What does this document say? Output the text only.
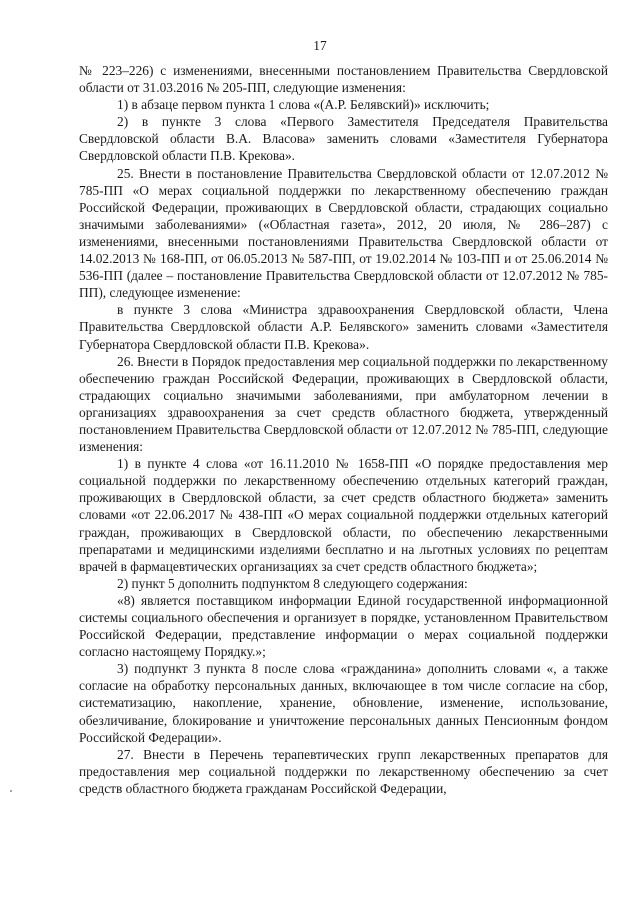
17

№ 223–226) с изменениями, внесенными постановлением Правительства Свердловской области от 31.03.2016 № 205-ПП, следующие изменения:

1) в абзаце первом пункта 1 слова «(А.Р. Белявский)» исключить;

2) в пункте 3 слова «Первого Заместителя Председателя Правительства Свердловской области В.А. Власова» заменить словами «Заместителя Губернатора Свердловской области П.В. Крекова».

25. Внести в постановление Правительства Свердловской области от 12.07.2012 № 785-ПП «О мерах социальной поддержки по лекарственному обеспечению граждан Российской Федерации, проживающих в Свердловской области, страдающих социально значимыми заболеваниями» («Областная газета», 2012, 20 июля, № 286–287) с изменениями, внесенными постановлениями Правительства Свердловской области от 14.02.2013 № 168-ПП, от 06.05.2013 № 587-ПП, от 19.02.2014 № 103-ПП и от 25.06.2014 № 536-ПП (далее – постановление Правительства Свердловской области от 12.07.2012 № 785-ПП), следующее изменение:

в пункте 3 слова «Министра здравоохранения Свердловской области, Члена Правительства Свердловской области А.Р. Белявского» заменить словами «Заместителя Губернатора Свердловской области П.В. Крекова».

26. Внести в Порядок предоставления мер социальной поддержки по лекарственному обеспечению граждан Российской Федерации, проживающих в Свердловской области, страдающих социально значимыми заболеваниями, при амбулаторном лечении в организациях здравоохранения за счет средств областного бюджета, утвержденный постановлением Правительства Свердловской области от 12.07.2012 № 785-ПП, следующие изменения:

1) в пункте 4 слова «от 16.11.2010 № 1658-ПП «О порядке предоставления мер социальной поддержки по лекарственному обеспечению отдельных категорий граждан, проживающих в Свердловской области, за счет средств областного бюджета» заменить словами «от 22.06.2017 № 438-ПП «О мерах социальной поддержки отдельных категорий граждан, проживающих в Свердловской области, по обеспечению лекарственными препаратами и медицинскими изделиями бесплатно и на льготных условиях по рецептам врачей в фармацевтических организациях за счет средств областного бюджета»;

2) пункт 5 дополнить подпунктом 8 следующего содержания:

«8) является поставщиком информации Единой государственной информационной системы социального обеспечения и организует в порядке, установленном Правительством Российской Федерации, представление информации о мерах социальной поддержки согласно настоящему Порядку.»;

3) подпункт 3 пункта 8 после слова «гражданина» дополнить словами «, а также согласие на обработку персональных данных, включающее в том числе согласие на сбор, систематизацию, накопление, хранение, обновление, изменение, использование, обезличивание, блокирование и уничтожение персональных данных Пенсионным фондом Российской Федерации».

27. Внести в Перечень терапевтических групп лекарственных препаратов для предоставления мер социальной поддержки по лекарственному обеспечению за счет средств областного бюджета гражданам Российской Федерации,
